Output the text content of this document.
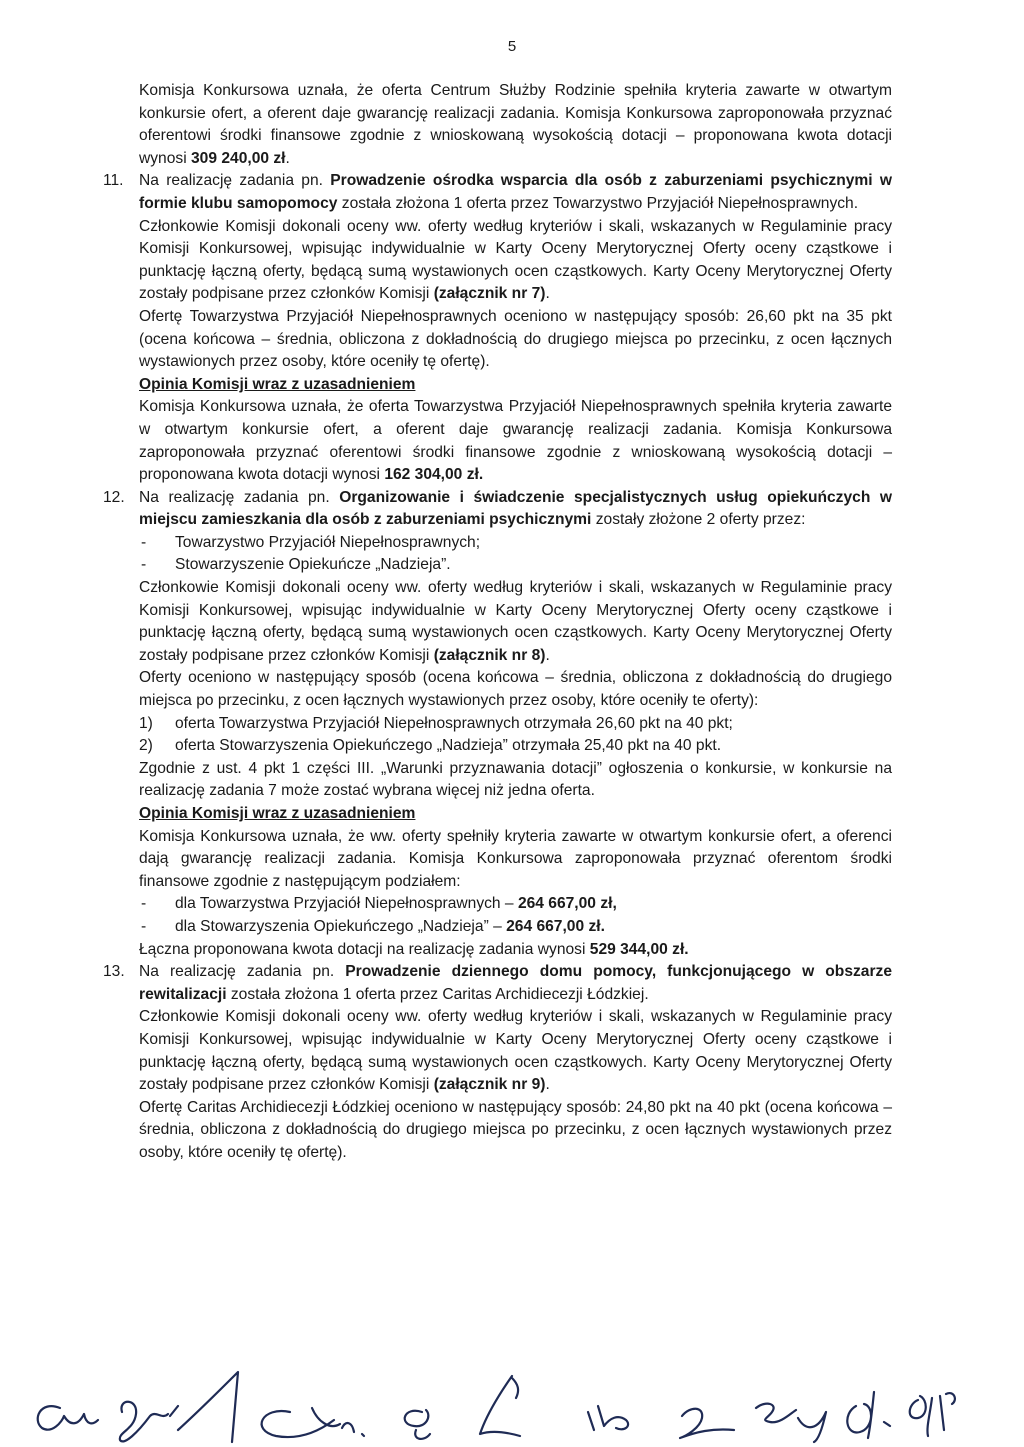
5

Komisja Konkursowa uznała, że oferta Centrum Służby Rodzinie spełniła kryteria zawarte w otwartym konkursie ofert, a oferent daje gwarancję realizacji zadania. Komisja Konkursowa zaproponowała przyznać oferentowi środki finansowe zgodnie z wnioskowaną wysokością dotacji – proponowana kwota dotacji wynosi 309 240,00 zł.

11. Na realizację zadania pn. Prowadzenie ośrodka wsparcia dla osób z zaburzeniami psychicznymi w formie klubu samopomocy została złożona 1 oferta przez Towarzystwo Przyjaciół Niepełnosprawnych.

Członkowie Komisji dokonali oceny ww. oferty według kryteriów i skali, wskazanych w Regulaminie pracy Komisji Konkursowej, wpisując indywidualnie w Karty Oceny Merytorycznej Oferty oceny cząstkowe i punktację łączną oferty, będącą sumą wystawionych ocen cząstkowych. Karty Oceny Merytorycznej Oferty zostały podpisane przez członków Komisji (załącznik nr 7).

Ofertę Towarzystwa Przyjaciół Niepełnosprawnych oceniono w następujący sposób: 26,60 pkt na 35 pkt (ocena końcowa – średnia, obliczona z dokładnością do drugiego miejsca po przecinku, z ocen łącznych wystawionych przez osoby, które oceniły tę ofertę).

Opinia Komisji wraz z uzasadnieniem

Komisja Konkursowa uznała, że oferta Towarzystwa Przyjaciół Niepełnosprawnych spełniła kryteria zawarte w otwartym konkursie ofert, a oferent daje gwarancję realizacji zadania. Komisja Konkursowa zaproponowała przyznać oferentowi środki finansowe zgodnie z wnioskowaną wysokością dotacji – proponowana kwota dotacji wynosi 162 304,00 zł.

12. Na realizację zadania pn. Organizowanie i świadczenie specjalistycznych usług opiekuńczych w miejscu zamieszkania dla osób z zaburzeniami psychicznymi zostały złożone 2 oferty przez:

- Towarzystwo Przyjaciół Niepełnosprawnych;

- Stowarzyszenie Opiekuńcze „Nadzieja”.

Członkowie Komisji dokonali oceny ww. oferty według kryteriów i skali, wskazanych w Regulaminie pracy Komisji Konkursowej, wpisując indywidualnie w Karty Oceny Merytorycznej Oferty oceny cząstkowe i punktację łączną oferty, będącą sumą wystawionych ocen cząstkowych. Karty Oceny Merytorycznej Oferty zostały podpisane przez członków Komisji (załącznik nr 8).

Oferty oceniono w następujący sposób (ocena końcowa – średnia, obliczona z dokładnością do drugiego miejsca po przecinku, z ocen łącznych wystawionych przez osoby, które oceniły te oferty):

1) oferta Towarzystwa Przyjaciół Niepełnosprawnych otrzymała 26,60 pkt na 40 pkt;

2) oferta Stowarzyszenia Opiekuńczego „Nadzieja” otrzymała 25,40 pkt na 40 pkt.

Zgodnie z ust. 4 pkt 1 części III. „Warunki przyznawania dotacji” ogłoszenia o konkursie, w konkursie na realizację zadania 7 może zostać wybrana więcej niż jedna oferta.

Opinia Komisji wraz z uzasadnieniem

Komisja Konkursowa uznała, że ww. oferty spełniły kryteria zawarte w otwartym konkursie ofert, a oferenci dają gwarancję realizacji zadania. Komisja Konkursowa zaproponowała przyznać oferentom środki finansowe zgodnie z następującym podziałem:

- dla Towarzystwa Przyjaciół Niepełnosprawnych – 264 667,00 zł,

- dla Stowarzyszenia Opiekuńczego „Nadzieja” – 264 667,00 zł.

Łączna proponowana kwota dotacji na realizację zadania wynosi 529 344,00 zł.

13. Na realizację zadania pn. Prowadzenie dziennego domu pomocy, funkcjonującego w obszarze rewitalizacji została złożona 1 oferta przez Caritas Archidiecezji Łódzkiej.

Członkowie Komisji dokonali oceny ww. oferty według kryteriów i skali, wskazanych w Regulaminie pracy Komisji Konkursowej, wpisując indywidualnie w Karty Oceny Merytorycznej Oferty oceny cząstkowe i punktację łączną oferty, będącą sumą wystawionych ocen cząstkowych. Karty Oceny Merytorycznej Oferty zostały podpisane przez członków Komisji (załącznik nr 9).

Ofertę Caritas Archidiecezji Łódzkiej oceniono w następujący sposób: 24,80 pkt na 40 pkt (ocena końcowa – średnia, obliczona z dokładnością do drugiego miejsca po przecinku, z ocen łącznych wystawionych przez osoby, które oceniły tę ofertę).
